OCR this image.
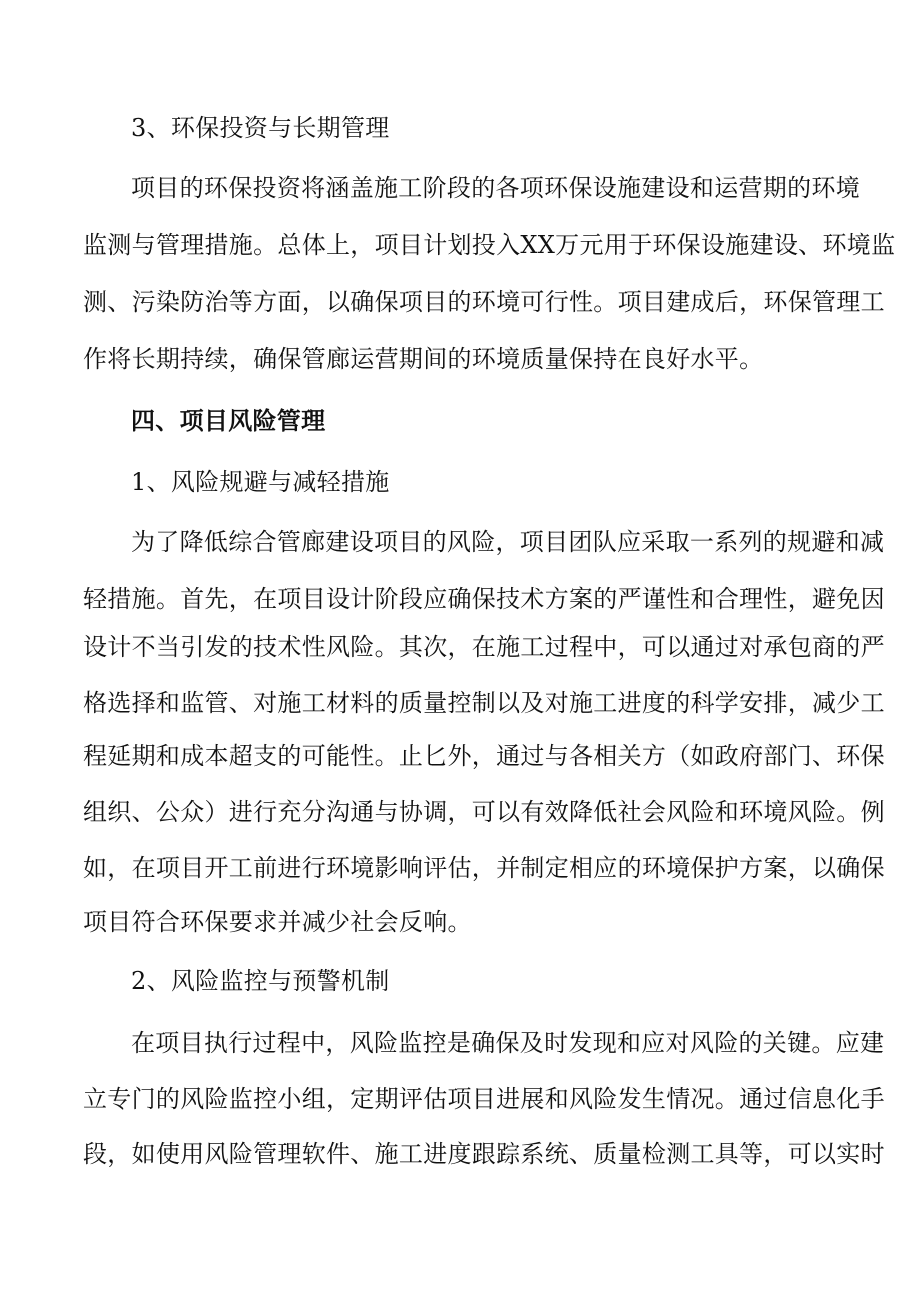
3、环保投资与长期管理
项目的环保投资将涵盖施工阶段的各项环保设施建设和运营期的环境
监测与管理措施。总体上，项目计划投入XX万元用于环保设施建设、环境监
测、污染防治等方面，以确保项目的环境可行性。项目建成后，环保管理工
作将长期持续，确保管廊运营期间的环境质量保持在良好水平。
四、项目风险管理
1、风险规避与减轻措施
为了降低综合管廊建设项目的风险，项目团队应采取一系列的规避和减
轻措施。首先，在项目设计阶段应确保技术方案的严谨性和合理性，避免因
设计不当引发的技术性风险。其次，在施工过程中，可以通过对承包商的严
格选择和监管、对施工材料的质量控制以及对施工进度的科学安排，减少工
程延期和成本超支的可能性。止匕外，通过与各相关方（如政府部门、环保
组织、公众）进行充分沟通与协调，可以有效降低社会风险和环境风险。例
如，在项目开工前进行环境影响评估，并制定相应的环境保护方案，以确保
项目符合环保要求并减少社会反响。
2、风险监控与预警机制
在项目执行过程中，风险监控是确保及时发现和应对风险的关键。应建
立专门的风险监控小组，定期评估项目进展和风险发生情况。通过信息化手
段，如使用风险管理软件、施工进度跟踪系统、质量检测工具等，可以实时
